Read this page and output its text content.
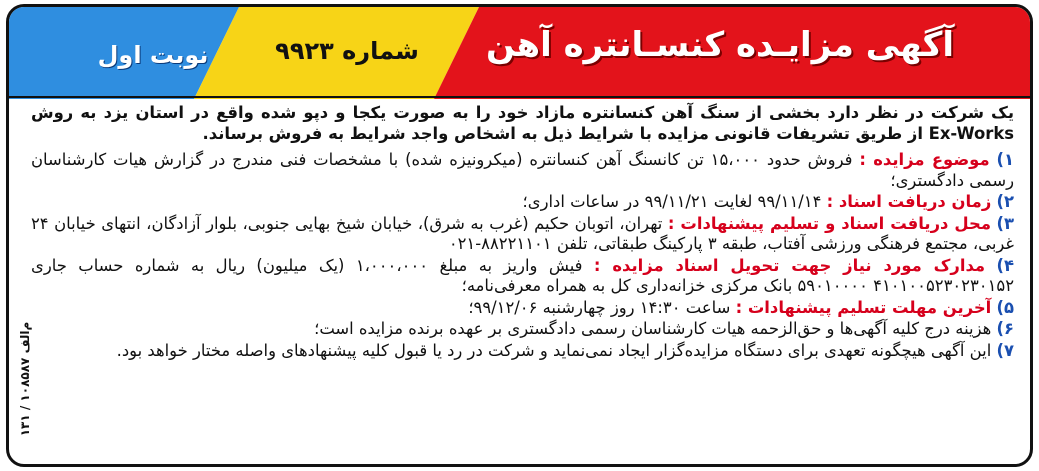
آگهی مزایـده کنسـانتره آهن
شماره ۹۹۲۳
نوبت اول

یک شرکت در نظر دارد بخشی از سنگ آهن کنسانتره مازاد خود را به صورت یکجا و دپو شده واقع در استان یزد به روش Ex-Works از طریق تشریفات قانونی مزایده با شرایط ذیل به اشخاص واجد شرایط به فروش برساند.

۱) موضوع مزایده : فروش حدود ۱۵،۰۰۰ تن کانسنگ آهن کنسانتره (میکرونیزه شده) با مشخصات فنی مندرج در گزارش هیات کارشناسان رسمی دادگستری؛
۲) زمان دریافت اسناد : ۹۹/۱۱/۱۴ لغایت ۹۹/۱۱/۲۱ در ساعات اداری؛
۳) محل دریافت اسناد و تسلیم پیشنهادات : تهران، اتوبان حکیم (غرب به شرق)، خیابان شیخ بهایی جنوبی، بلوار آزادگان، انتهای خیابان ۲۴ غربی، مجتمع فرهنگی ورزشی آفتاب، طبقه ۳ پارکینگ طبقاتی، تلفن ۸۸۲۲۱۱۰۱-۰۲۱
۴) مدارک مورد نیاز جهت تحویل اسناد مزایده : فیش واریز به مبلغ ۱،۰۰۰،۰۰۰ (یک میلیون) ریال به شماره حساب جاری ۴۱۰۱۰۰۵۲۳۰۲۳۰۱۵۲ ۵۹۰۱۰۰۰۰ بانک مرکزی خزانه‌داری کل به همراه معرفی‌نامه؛
۵) آخرین مهلت تسلیم پیشنهادات : ساعت ۱۴:۳۰ روز چهارشنبه ۹۹/۱۲/۰۶؛
۶) هزینه درج کلیه آگهی‌ها و حق‌الزحمه هیات کارشناسان رسمی دادگستری بر عهده برنده مزایده است؛
۷) این آگهی هیچگونه تعهدی برای دستگاه مزایده‌گزار ایجاد نمی‌نماید و شرکت در رد یا قبول کلیه پیشنهادهای واصله مختار خواهد بود.
م‌الف ۱۰۸۵۸۷ / ۱۳۱
